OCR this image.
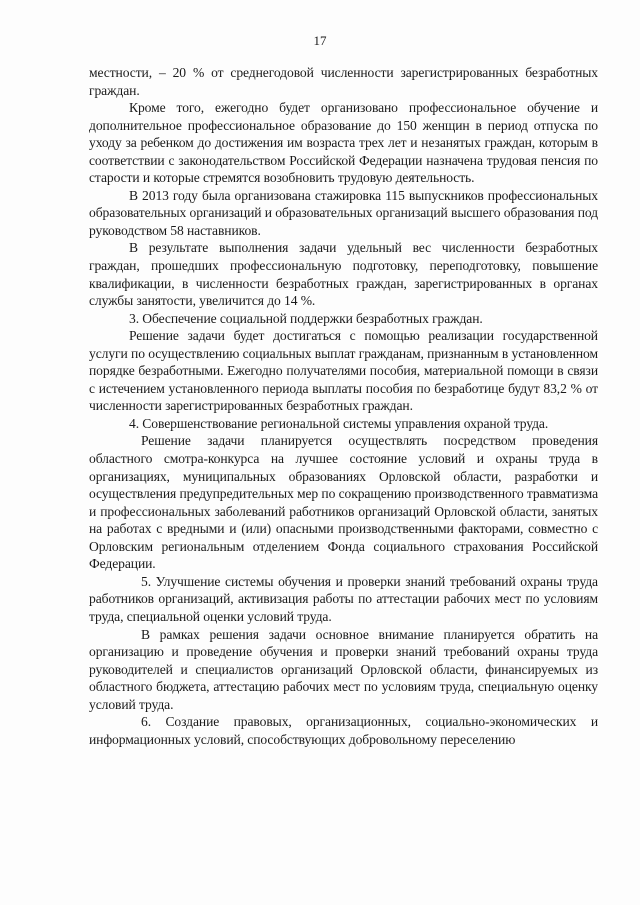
17

местности, – 20 % от среднегодовой численности зарегистрированных безработных граждан.

Кроме того, ежегодно будет организовано профессиональное обучение и дополнительное профессиональное образование до 150 женщин в период отпуска по уходу за ребенком до достижения им возраста трех лет и незанятых граждан, которым в соответствии с законодательством Российской Федерации назначена трудовая пенсия по старости и которые стремятся возобновить трудовую деятельность.

В 2013 году была организована стажировка 115 выпускников профессиональных образовательных организаций и образовательных организаций высшего образования под руководством 58 наставников.

В результате выполнения задачи удельный вес численности безработных граждан, прошедших профессиональную подготовку, переподготовку, повышение квалификации, в численности безработных граждан, зарегистрированных в органах службы занятости, увеличится до 14 %.

3. Обеспечение социальной поддержки безработных граждан.

Решение задачи будет достигаться с помощью реализации государственной услуги по осуществлению социальных выплат гражданам, признанным в установленном порядке безработными. Ежегодно получателями пособия, материальной помощи в связи с истечением установленного периода выплаты пособия по безработице будут 83,2 % от численности зарегистрированных безработных граждан.

4. Совершенствование региональной системы управления охраной труда.

Решение задачи планируется осуществлять посредством проведения областного смотра-конкурса на лучшее состояние условий и охраны труда в организациях, муниципальных образованиях Орловской области, разработки и осуществления предупредительных мер по сокращению производственного травматизма и профессиональных заболеваний работников организаций Орловской области, занятых на работах с вредными и (или) опасными производственными факторами, совместно с Орловским региональным отделением Фонда социального страхования Российской Федерации.

5. Улучшение системы обучения и проверки знаний требований охраны труда работников организаций, активизация работы по аттестации рабочих мест по условиям труда, специальной оценки условий труда.

В рамках решения задачи основное внимание планируется обратить на организацию и проведение обучения и проверки знаний требований охраны труда руководителей и специалистов организаций Орловской области, финансируемых из областного бюджета, аттестацию рабочих мест по условиям труда, специальную оценку условий труда.

6. Создание правовых, организационных, социально-экономических и информационных условий, способствующих добровольному переселению
